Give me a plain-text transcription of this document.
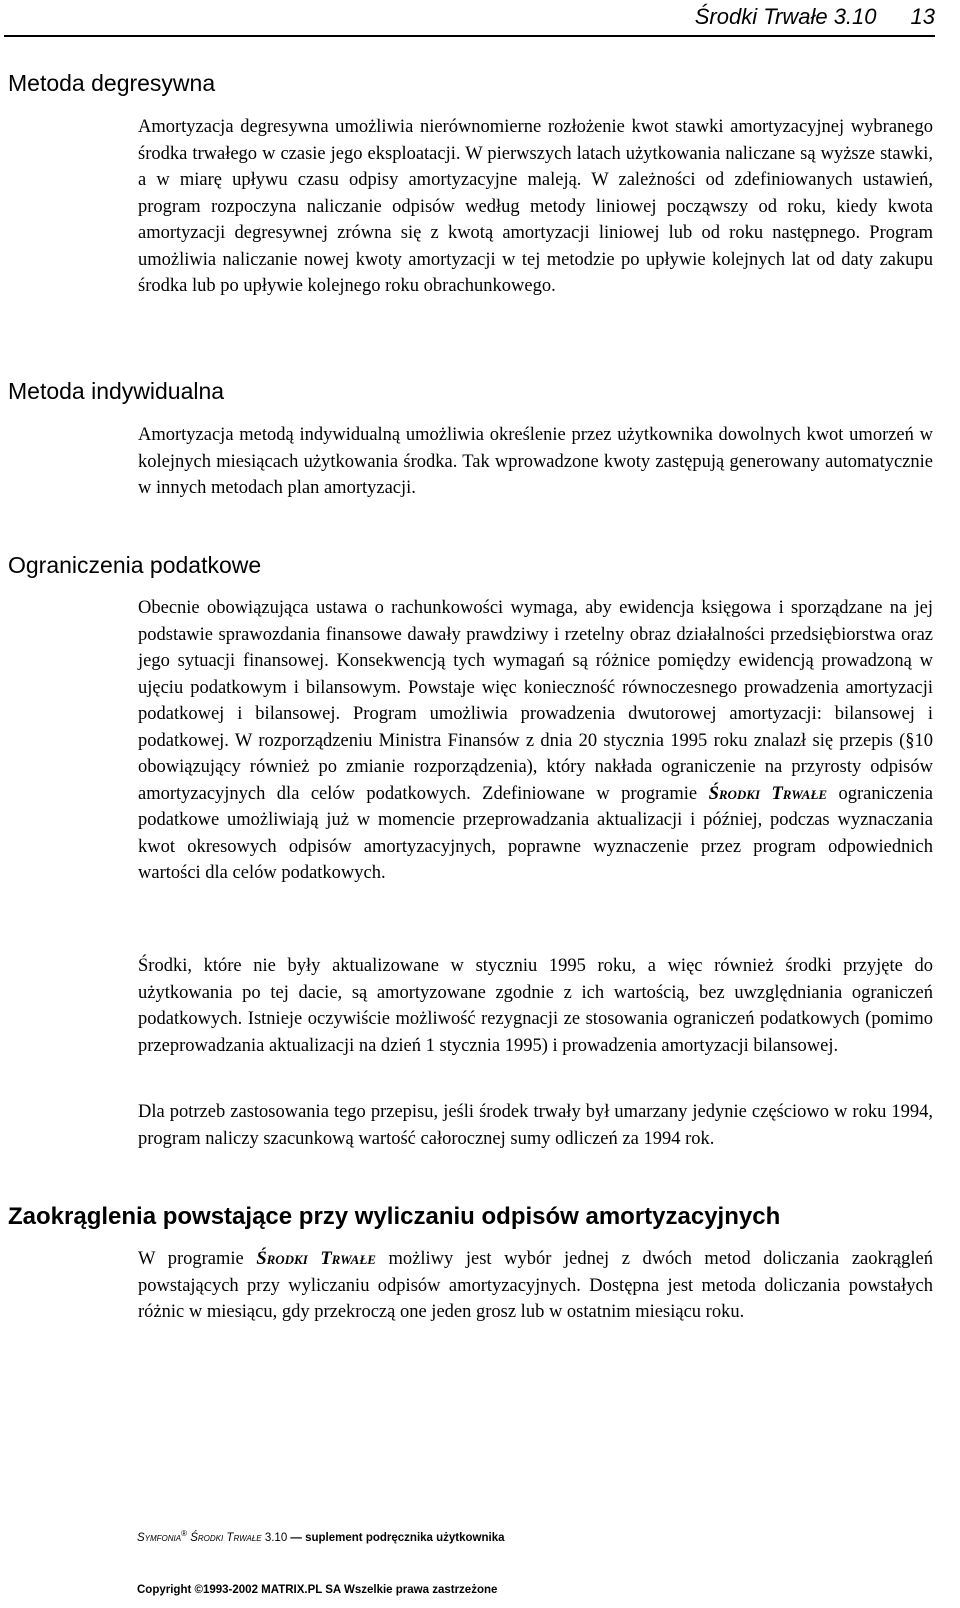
Środki Trwałe 3.10 13
Metoda degresywna

Amortyzacja degresywna umożliwia nierównomierne rozłożenie kwot stawki amortyzacyjnej wybranego środka trwałego w czasie jego eksploatacji. W pierwszych latach użytkowania naliczane są wyższe stawki, a w miarę upływu czasu odpisy amortyzacyjne maleją. W zależności od zdefiniowanych ustawień, program rozpoczyna naliczanie odpisów według metody liniowej począwszy od roku, kiedy kwota amortyzacji degresywnej zrówna się z kwotą amortyzacji liniowej lub od roku następnego. Program umożliwia naliczanie nowej kwoty amortyzacji w tej metodzie po upływie kolejnych lat od daty zakupu środka lub po upływie kolejnego roku obrachunkowego.

Metoda indywidualna

Amortyzacja metodą indywidualną umożliwia określenie przez użytkownika dowolnych kwot umorzeń w kolejnych miesiącach użytkowania środka. Tak wprowadzone kwoty zastępują generowany automatycznie w innych metodach plan amortyzacji.

Ograniczenia podatkowe

Obecnie obowiązująca ustawa o rachunkowości wymaga, aby ewidencja księgowa i sporządzane na jej podstawie sprawozdania finansowe dawały prawdziwy i rzetelny obraz działalności przedsiębiorstwa oraz jego sytuacji finansowej. Konsekwencją tych wymagań są różnice pomiędzy ewidencją prowadzoną w ujęciu podatkowym i bilansowym. Powstaje więc konieczność równoczesnego prowadzenia amortyzacji podatkowej i bilansowej. Program umożliwia prowadzenia dwutorowej amortyzacji: bilansowej i podatkowej. W rozporządzeniu Ministra Finansów z dnia 20 stycznia 1995 roku znalazł się przepis (§10 obowiązujący również po zmianie rozporządzenia), który nakłada ograniczenie na przyrosty odpisów amortyzacyjnych dla celów podatkowych. Zdefiniowane w programie Środki Trwałe ograniczenia podatkowe umożliwiają już w momencie przeprowadzania aktualizacji i później, podczas wyznaczania kwot okresowych odpisów amortyzacyjnych, poprawne wyznaczenie przez program odpowiednich wartości dla celów podatkowych.

Środki, które nie były aktualizowane w styczniu 1995 roku, a więc również środki przyjęte do użytkowania po tej dacie, są amortyzowane zgodnie z ich wartością, bez uwzględniania ograniczeń podatkowych. Istnieje oczywiście możliwość rezygnacji ze stosowania ograniczeń podatkowych (pomimo przeprowadzania aktualizacji na dzień 1 stycznia 1995) i prowadzenia amortyzacji bilansowej.

Dla potrzeb zastosowania tego przepisu, jeśli środek trwały był umarzany jedynie częściowo w roku 1994, program naliczy szacunkową wartość całorocznej sumy odliczeń za 1994 rok.

Zaokrąglenia powstające przy wyliczaniu odpisów amortyzacyjnych

W programie Środki Trwałe możliwy jest wybór jednej z dwóch metod doliczania zaokrągleń powstających przy wyliczaniu odpisów amortyzacyjnych. Dostępna jest metoda doliczania powstałych różnic w miesiącu, gdy przekroczą one jeden grosz lub w ostatnim miesiącu roku.

Symfonia® Środki Trwałe 3.10 — suplement podręcznika użytkownika
Copyright ©1993-2002 MATRIX.PL SA Wszelkie prawa zastrzeżone
